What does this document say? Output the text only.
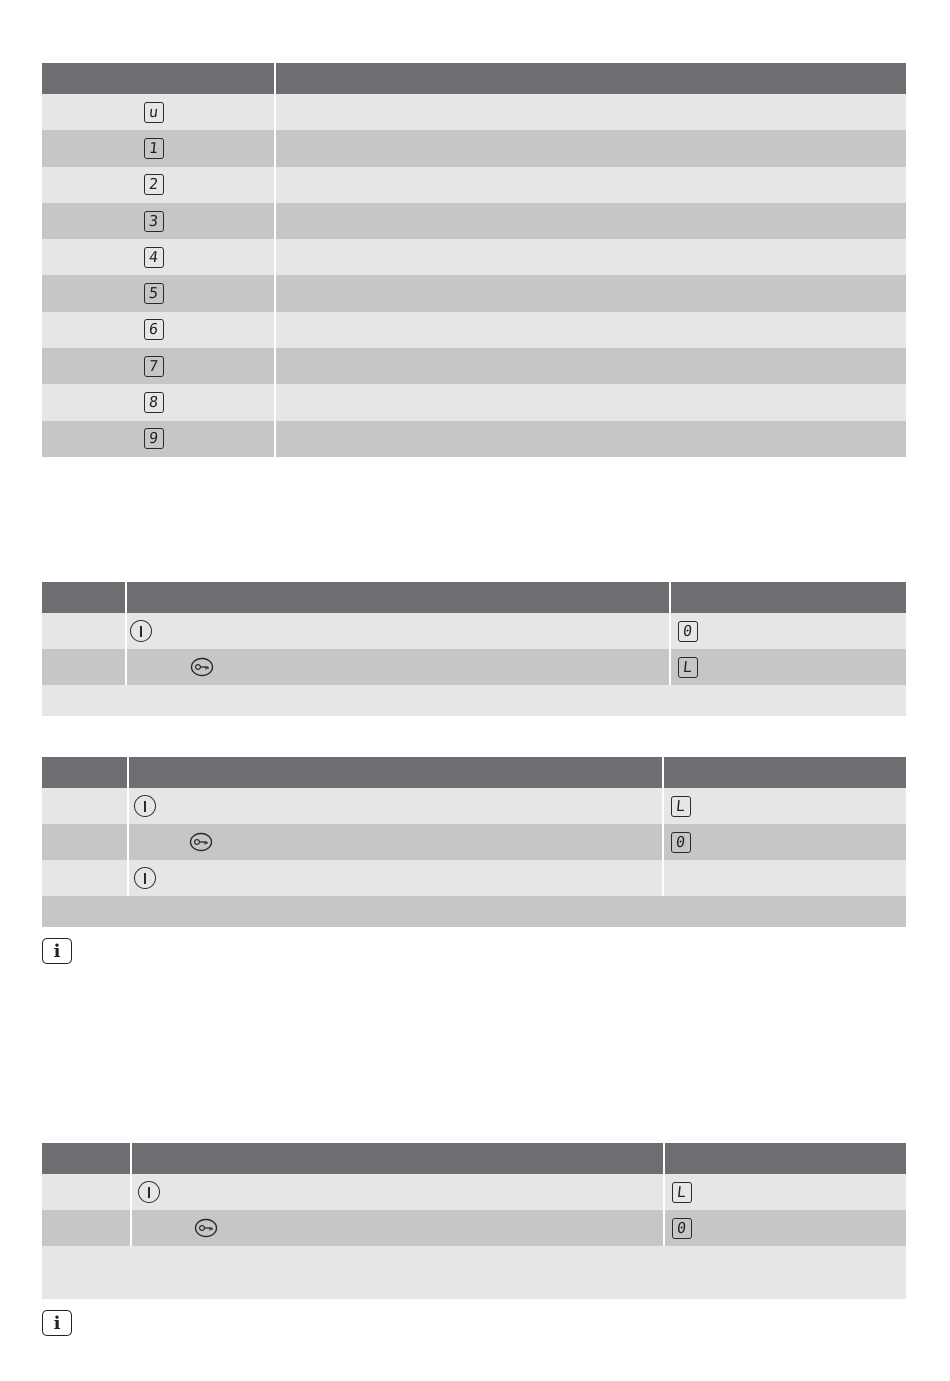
u
1
2
3
4
5
6
7
8
9
0
L
L
0
i
L
0
i
